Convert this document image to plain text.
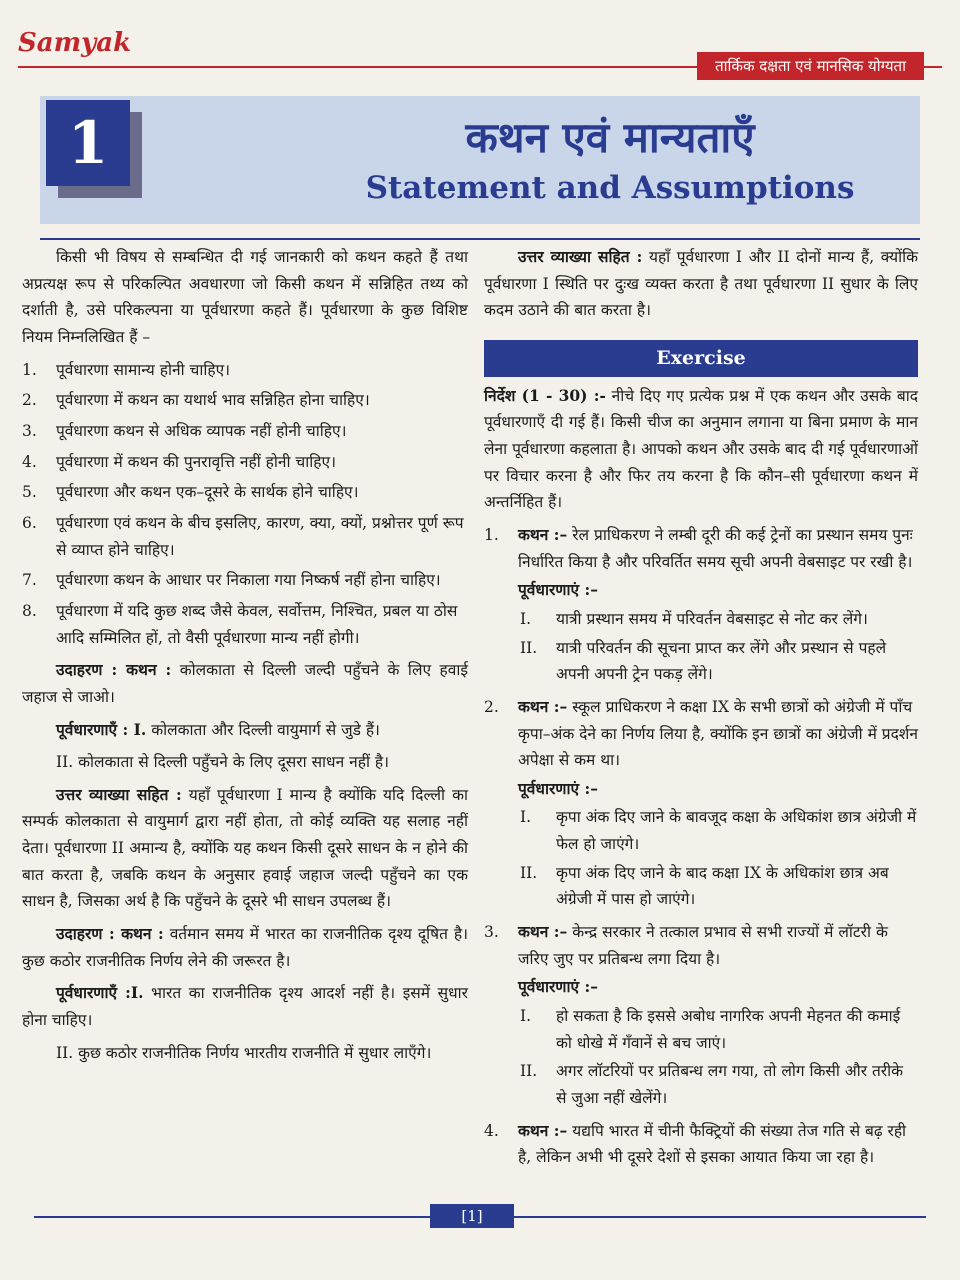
Samyak
तार्किक दक्षता एवं मानसिक योग्यता
1	कथन एवं मान्यताएँ
Statement and Assumptions

किसी भी विषय से सम्बन्धित दी गई जानकारी को कथन कहते हैं तथा अप्रत्यक्ष रूप से परिकल्पित अवधारणा जो किसी कथन में सन्निहित तथ्य को दर्शाती है, उसे परिकल्पना या पूर्वधारणा कहते हैं। पूर्वधारणा के कुछ विशिष्ट नियम निम्नलिखित हैं –

1.	पूर्वधारणा सामान्य होनी चाहिए।
2.	पूर्वधारणा में कथन का यथार्थ भाव सन्निहित होना चाहिए।
3.	पूर्वधारणा कथन से अधिक व्यापक नहीं होनी चाहिए।
4.	पूर्वधारणा में कथन की पुनरावृत्ति नहीं होनी चाहिए।
5.	पूर्वधारणा और कथन एक–दूसरे के सार्थक होने चाहिए।
6.	पूर्वधारणा एवं कथन के बीच इसलिए, कारण, क्या, क्यों, प्रश्नोत्तर पूर्ण रूप से व्याप्त होने चाहिए।
7.	पूर्वधारणा कथन के आधार पर निकाला गया निष्कर्ष नहीं होना चाहिए।
8.	पूर्वधारणा में यदि कुछ शब्द जैसे केवल, सर्वोत्तम, निश्चित, प्रबल या ठोस आदि सम्मिलित हों, तो वैसी पूर्वधारणा मान्य नहीं होगी।

उदाहरण : कथन : कोलकाता से दिल्ली जल्दी पहुँचने के लिए हवाई जहाज से जाओ।

पूर्वधारणाएँ : I. कोलकाता और दिल्ली वायुमार्ग से जुडे हैं।

II. कोलकाता से दिल्ली पहुँचने के लिए दूसरा साधन नहीं है।

उत्तर व्याख्या सहित : यहाँ पूर्वधारणा I मान्य है क्योंकि यदि दिल्ली का सम्पर्क कोलकाता से वायुमार्ग द्वारा नहीं होता, तो कोई व्यक्ति यह सलाह नहीं देता। पूर्वधारणा II अमान्य है, क्योंकि यह कथन किसी दूसरे साधन के न होने की बात करता है, जबकि कथन के अनुसार हवाई जहाज जल्दी पहुँचने का एक साधन है, जिसका अर्थ है कि पहुँचने के दूसरे भी साधन उपलब्ध हैं।

उदाहरण : कथन : वर्तमान समय में भारत का राजनीतिक दृश्य दूषित है। कुछ कठोर राजनीतिक निर्णय लेने की जरूरत है।

पूर्वधारणाएँ :I. भारत का राजनीतिक दृश्य आदर्श नहीं है। इसमें सुधार होना चाहिए।

II. कुछ कठोर राजनीतिक निर्णय भारतीय राजनीति में सुधार लाएँगे।

उत्तर व्याख्या सहित : यहाँ पूर्वधारणा I और II दोनों मान्य हैं, क्योंकि पूर्वधारणा I स्थिति पर दुःख व्यक्त करता है तथा पूर्वधारणा II सुधार के लिए कदम उठाने की बात करता है।

Exercise

निर्देश (1 - 30) :- नीचे दिए गए प्रत्येक प्रश्न में एक कथन और उसके बाद पूर्वधारणाएँ दी गई हैं। किसी चीज का अनुमान लगाना या बिना प्रमाण के मान लेना पूर्वधारणा कहलाता है। आपको कथन और उसके बाद दी गई पूर्वधारणाओं पर विचार करना है और फिर तय करना है कि कौन–सी पूर्वधारणा कथन में अन्तर्निहित हैं।

1.	कथन :– रेल प्राधिकरण ने लम्बी दूरी की कई ट्रेनों का प्रस्थान समय पुनः निर्धारित किया है और परिवर्तित समय सूची अपनी वेबसाइट पर रखी है।
पूर्वधारणाएं :–
I.	यात्री प्रस्थान समय में परिवर्तन वेबसाइट से नोट कर लेंगे।
II.	यात्री परिवर्तन की सूचना प्राप्त कर लेंगे और प्रस्थान से पहले अपनी अपनी ट्रेन पकड़ लेंगे।
2.	कथन :– स्कूल प्राधिकरण ने कक्षा IX के सभी छात्रों को अंग्रेजी में पाँच कृपा–अंक देने का निर्णय लिया है, क्योंकि इन छात्रों का अंग्रेजी में प्रदर्शन अपेक्षा से कम था।
पूर्वधारणाएं :–
I.	कृपा अंक दिए जाने के बावजूद कक्षा के अधिकांश छात्र अंग्रेजी में फेल हो जाएंगे।
II.	कृपा अंक दिए जाने के बाद कक्षा IX के अधिकांश छात्र अब अंग्रेजी में पास हो जाएंगे।
3.	कथन :– केन्द्र सरकार ने तत्काल प्रभाव से सभी राज्यों में लॉटरी के जरिए जुए पर प्रतिबन्ध लगा दिया है।
पूर्वधारणाएं :–
I.	हो सकता है कि इससे अबोध नागरिक अपनी मेहनत की कमाई को धोखे में गँवानें से बच जाएं।
II.	अगर लॉटरियों पर प्रतिबन्ध लग गया, तो लोग किसी और तरीके से जुआ नहीं खेलेंगे।
4.	कथन :– यद्यपि भारत में चीनी फैक्ट्रियों की संख्या तेज गति से बढ़ रही है, लेकिन अभी भी दूसरे देशों से इसका आयात किया जा रहा है।
[1]
